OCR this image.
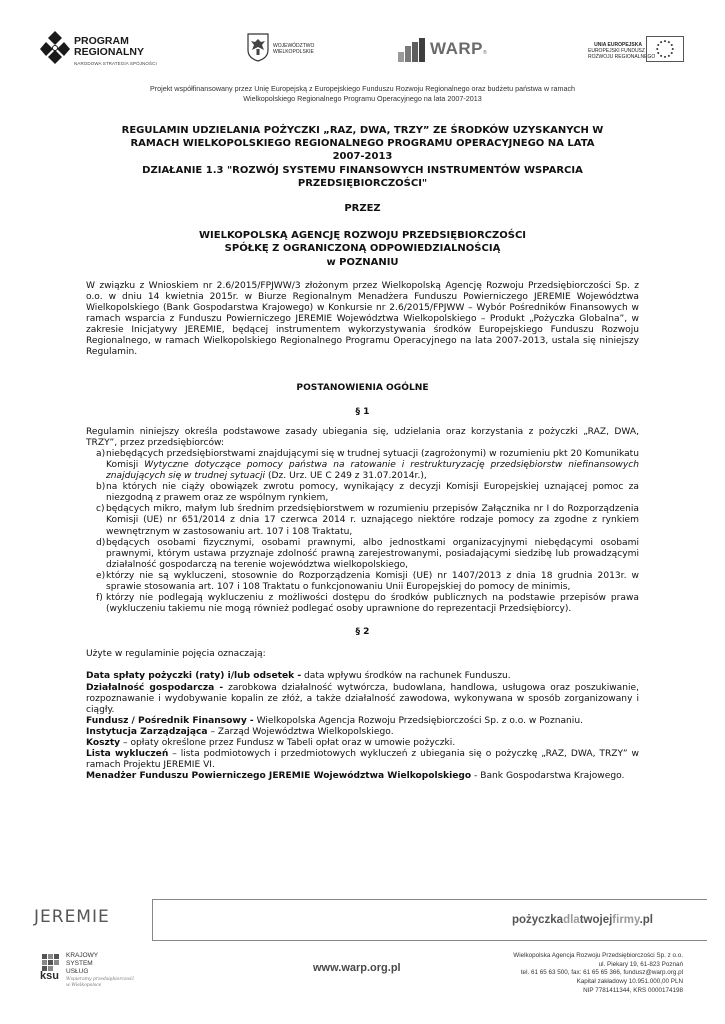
PROGRAM
REGIONALNY
NARODOWA STRATEGIA SPÓJNOŚCI
WOJEWÓDZTWO
WIELKOPOLSKIE	WARP®
UNIA EUROPEJSKA
EUROPEJSKI FUNDUSZ
ROZWOJU REGIONALNEGO
Projekt współfinansowany przez Unię Europejską z Europejskiego Funduszu Rozwoju Regionalnego oraz budżetu państwa w ramach
Wielkopolskiego Regionalnego Programu Operacyjnego na lata 2007-2013
REGULAMIN UDZIELANIA POŻYCZKI „RAZ, DWA, TRZY” ZE ŚRODKÓW UZYSKANYCH W
RAMACH WIELKOPOLSKIEGO REGIONALNEGO PROGRAMU OPERACYJNEGO NA LATA
2007-2013
DZIAŁANIE 1.3 "ROZWÓJ SYSTEMU FINANSOWYCH INSTRUMENTÓW WSPARCIA
PRZEDSIĘBIORCZOŚCI"
PRZEZ
WIELKOPOLSKĄ AGENCJĘ ROZWOJU PRZEDSIĘBIORCZOŚCI
SPÓŁKĘ Z OGRANICZONĄ ODPOWIEDZIALNOŚCIĄ
w POZNANIU
W związku z Wnioskiem nr 2.6/2015/FPJWW/3 złożonym przez Wielkopolską Agencję Rozwoju Przedsiębiorczości Sp. z o.o. w dniu 14 kwietnia 2015r. w Biurze Regionalnym Menadżera Funduszu Powierniczego JEREMIE Województwa Wielkopolskiego (Bank Gospodarstwa Krajowego) w Konkursie nr 2.6/2015/FPJWW – Wybór Pośredników Finansowych w ramach wsparcia z Funduszu Powierniczego JEREMIE Województwa Wielkopolskiego – Produkt „Pożyczka Globalna”, w zakresie Inicjatywy JEREMIE, będącej instrumentem wykorzystywania środków Europejskiego Funduszu Rozwoju Regionalnego, w ramach Wielkopolskiego Regionalnego Programu Operacyjnego na lata 2007-2013, ustala się niniejszy Regulamin.
POSTANOWIENIA OGÓLNE
§ 1
Regulamin niniejszy określa podstawowe zasady ubiegania się, udzielania oraz korzystania z pożyczki „RAZ, DWA, TRZY”, przez przedsiębiorców:
a) niebędących przedsiębiorstwami znajdującymi się w trudnej sytuacji (zagrożonymi) w rozumieniu pkt 20 Komunikatu Komisji Wytyczne dotyczące pomocy państwa na ratowanie i restrukturyzację przedsiębiorstw niefinansowych znajdujących się w trudnej sytuacji (Dz. Urz. UE C 249 z 31.07.2014r.),
b) na których nie ciąży obowiązek zwrotu pomocy, wynikający z decyzji Komisji Europejskiej uznającej pomoc za niezgodną z prawem oraz ze wspólnym rynkiem,
c) będących mikro, małym lub średnim przedsiębiorstwem w rozumieniu przepisów Załącznika nr I do Rozporządzenia Komisji (UE) nr 651/2014 z dnia 17 czerwca 2014 r. uznającego niektóre rodzaje pomocy za zgodne z rynkiem wewnętrznym w zastosowaniu art. 107 i 108 Traktatu,
d) będących osobami fizycznymi, osobami prawnymi, albo jednostkami organizacyjnymi niebędącymi osobami prawnymi, którym ustawa przyznaje zdolność prawną zarejestrowanymi, posiadającymi siedzibę lub prowadzącymi działalność gospodarczą na terenie województwa wielkopolskiego,
e) którzy nie są wykluczeni, stosownie do Rozporządzenia Komisji (UE) nr 1407/2013 z dnia 18 grudnia 2013r. w sprawie stosowania art. 107 i 108 Traktatu o funkcjonowaniu Unii Europejskiej do pomocy de minimis,
f) którzy nie podlegają wykluczeniu z możliwości dostępu do środków publicznych na podstawie przepisów prawa (wykluczeniu takiemu nie mogą również podlegać osoby uprawnione do reprezentacji Przedsiębiorcy).
§ 2
Użyte w regulaminie pojęcia oznaczają:
Data spłaty pożyczki (raty) i/lub odsetek - data wpływu środków na rachunek Funduszu.
Działalność gospodarcza - zarobkowa działalność wytwórcza, budowlana, handlowa, usługowa oraz poszukiwanie, rozpoznawanie i wydobywanie kopalin ze złóż, a także działalność zawodowa, wykonywana w sposób zorganizowany i ciągły.
Fundusz / Pośrednik Finansowy - Wielkopolska Agencja Rozwoju Przedsiębiorczości Sp. z o.o. w Poznaniu.
Instytucja Zarządzająca – Zarząd Województwa Wielkopolskiego.
Koszty – opłaty określone przez Fundusz w Tabeli opłat oraz w umowie pożyczki.
Lista wykluczeń – lista podmiotowych i przedmiotowych wykluczeń z ubiegania się o pożyczkę „RAZ, DWA, TRZY” w ramach Projektu JEREMIE VI.
Menadżer Funduszu Powierniczego JEREMIE Województwa Wielkopolskiego - Bank Gospodarstwa Krajowego.
JEREMIE	pożyczkadlatwojejfirmy.pl
ksu
KRAJOWY
SYSTEM
USŁUG
Wspieramy przedsiębiorczość
w Wielkopolsce
www.warp.org.pl
Wielkopolska Agencja Rozwoju Przedsiębiorczości Sp. z o.o.
ul. Piekary 19, 61-823 Poznań
tel. 61 65 63 500, fax: 61 65 65 366, fundusz@warp.org.pl
Kapitał zakładowy 10.951.000,00 PLN
NIP 7781411344, KRS 0000174198
